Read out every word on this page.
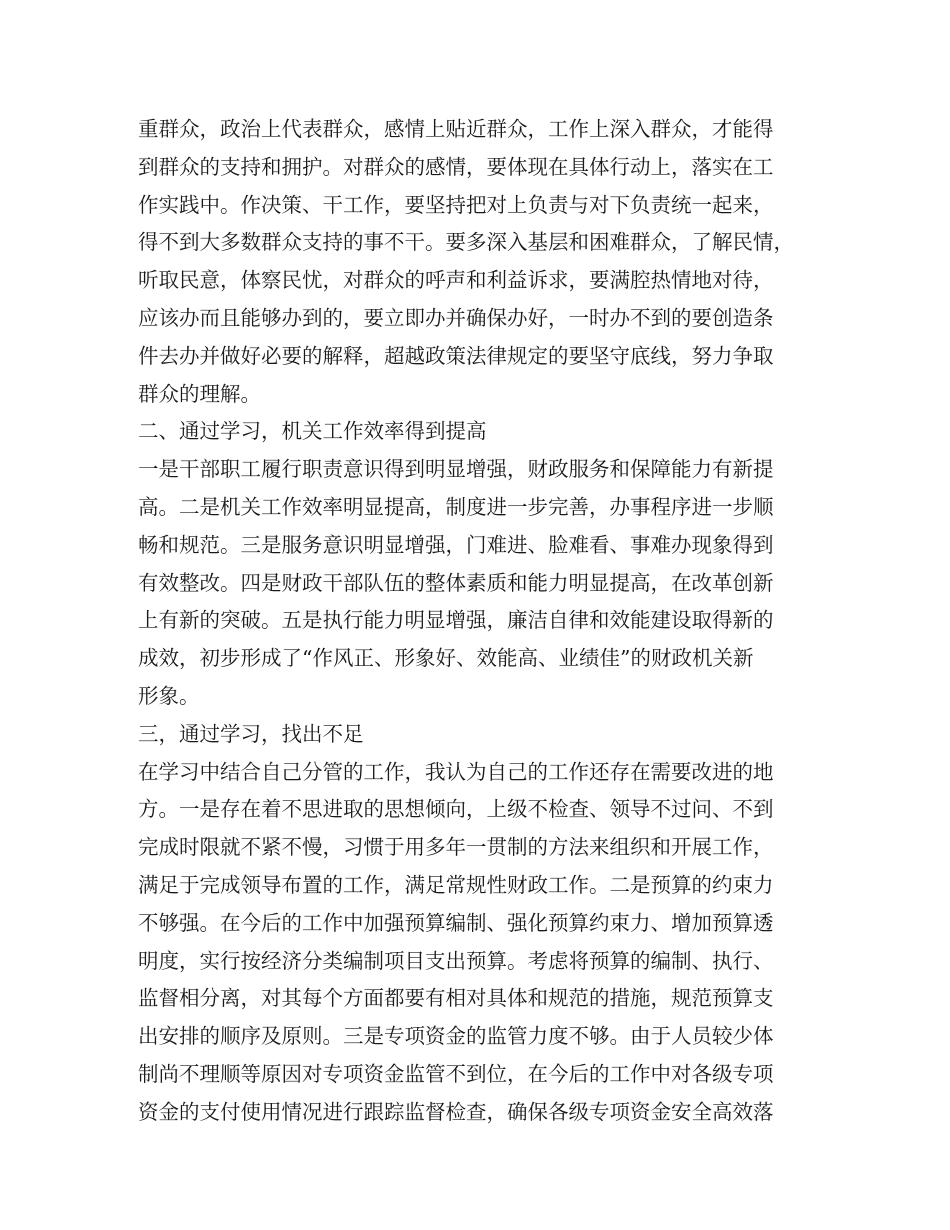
重群众，政治上代表群众，感情上贴近群众，工作上深入群众，才能得
到群众的支持和拥护。对群众的感情，要体现在具体行动上，落实在工
作实践中。作决策、干工作，要坚持把对上负责与对下负责统一起来，
得不到大多数群众支持的事不干。要多深入基层和困难群众，了解民情，
听取民意，体察民忧，对群众的呼声和利益诉求，要满腔热情地对待，
应该办而且能够办到的，要立即办并确保办好，一时办不到的要创造条
件去办并做好必要的解释，超越政策法律规定的要坚守底线，努力争取
群众的理解。
二、通过学习，机关工作效率得到提高
一是干部职工履行职责意识得到明显增强，财政服务和保障能力有新提
高。二是机关工作效率明显提高，制度进一步完善，办事程序进一步顺
畅和规范。三是服务意识明显增强，门难进、脸难看、事难办现象得到
有效整改。四是财政干部队伍的整体素质和能力明显提高，在改革创新
上有新的突破。五是执行能力明显增强，廉洁自律和效能建设取得新的
成效，初步形成了“作风正、形象好、效能高、业绩佳”的财政机关新
形象。
三，通过学习，找出不足
在学习中结合自己分管的工作，我认为自己的工作还存在需要改进的地
方。一是存在着不思进取的思想倾向，上级不检查、领导不过问、不到
完成时限就不紧不慢，习惯于用多年一贯制的方法来组织和开展工作，
满足于完成领导布置的工作，满足常规性财政工作。二是预算的约束力
不够强。在今后的工作中加强预算编制、强化预算约束力、增加预算透
明度，实行按经济分类编制项目支出预算。考虑将预算的编制、执行、
监督相分离，对其每个方面都要有相对具体和规范的措施，规范预算支
出安排的顺序及原则。三是专项资金的监管力度不够。由于人员较少体
制尚不理顺等原因对专项资金监管不到位，在今后的工作中对各级专项
资金的支付使用情况进行跟踪监督检查，确保各级专项资金安全高效落
